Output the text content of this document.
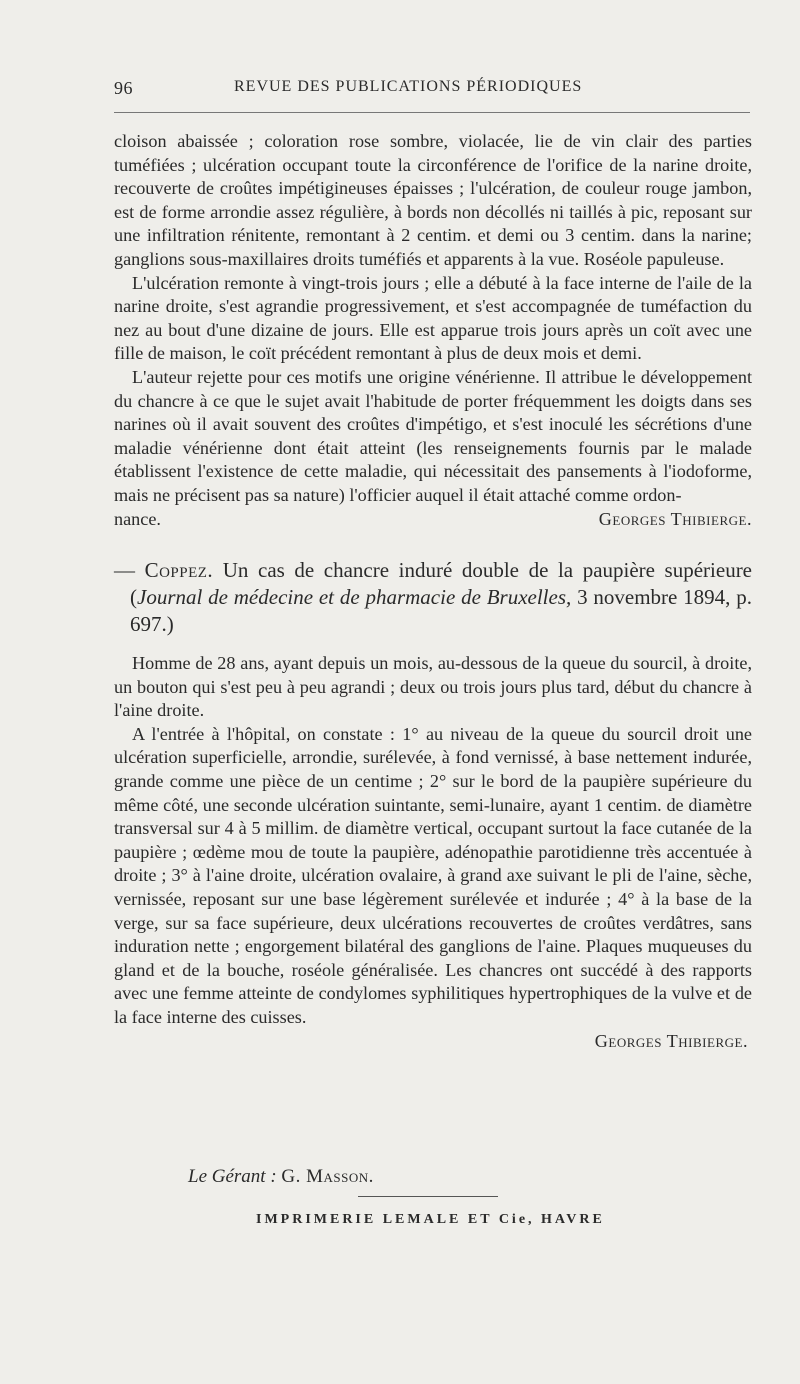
96	REVUE DES PUBLICATIONS PÉRIODIQUES

cloison abaissée ; coloration rose sombre, violacée, lie de vin clair des parties tuméfiées ; ulcération occupant toute la circonférence de l'orifice de la narine droite, recouverte de croûtes impétigineuses épaisses ; l'ulcération, de couleur rouge jambon, est de forme arrondie assez régulière, à bords non décollés ni taillés à pic, reposant sur une infiltration rénitente, remontant à 2 centim. et demi ou 3 centim. dans la narine; ganglions sous-maxillaires droits tuméfiés et apparents à la vue. Roséole papuleuse.

L'ulcération remonte à vingt-trois jours ; elle a débuté à la face interne de l'aile de la narine droite, s'est agrandie progressivement, et s'est accompagnée de tuméfaction du nez au bout d'une dizaine de jours. Elle est apparue trois jours après un coït avec une fille de maison, le coït précédent remontant à plus de deux mois et demi.

L'auteur rejette pour ces motifs une origine vénérienne. Il attribue le développement du chancre à ce que le sujet avait l'habitude de porter fréquemment les doigts dans ses narines où il avait souvent des croûtes d'impétigo, et s'est inoculé les sécrétions d'une maladie vénérienne dont était atteint (les renseignements fournis par le malade établissent l'existence de cette maladie, qui nécessitait des pansements à l'iodoforme, mais ne précisent pas sa nature) l'officier auquel il était attaché comme ordon-

nance.	Georges Thibierge.

— Coppez. Un cas de chancre induré double de la paupière supérieure (Journal de médecine et de pharmacie de Bruxelles, 3 novembre 1894, p. 697.)

Homme de 28 ans, ayant depuis un mois, au-dessous de la queue du sourcil, à droite, un bouton qui s'est peu à peu agrandi ; deux ou trois jours plus tard, début du chancre à l'aine droite.

A l'entrée à l'hôpital, on constate : 1° au niveau de la queue du sourcil droit une ulcération superficielle, arrondie, surélevée, à fond vernissé, à base nettement indurée, grande comme une pièce de un centime ; 2° sur le bord de la paupière supérieure du même côté, une seconde ulcération suintante, semi-lunaire, ayant 1 centim. de diamètre transversal sur 4 à 5 millim. de diamètre vertical, occupant surtout la face cutanée de la paupière ; œdème mou de toute la paupière, adénopathie parotidienne très accentuée à droite ; 3° à l'aine droite, ulcération ovalaire, à grand axe suivant le pli de l'aine, sèche, vernissée, reposant sur une base légèrement surélevée et indurée ; 4° à la base de la verge, sur sa face supérieure, deux ulcérations recouvertes de croûtes verdâtres, sans induration nette ; engorgement bilatéral des ganglions de l'aine. Plaques muqueuses du gland et de la bouche, roséole généralisée. Les chancres ont succédé à des rapports avec une femme atteinte de condylomes syphilitiques hypertrophiques de la vulve et de la face interne des cuisses.

Georges Thibierge.
Le Gérant : G. Masson.
IMPRIMERIE LEMALE ET Cie, HAVRE
